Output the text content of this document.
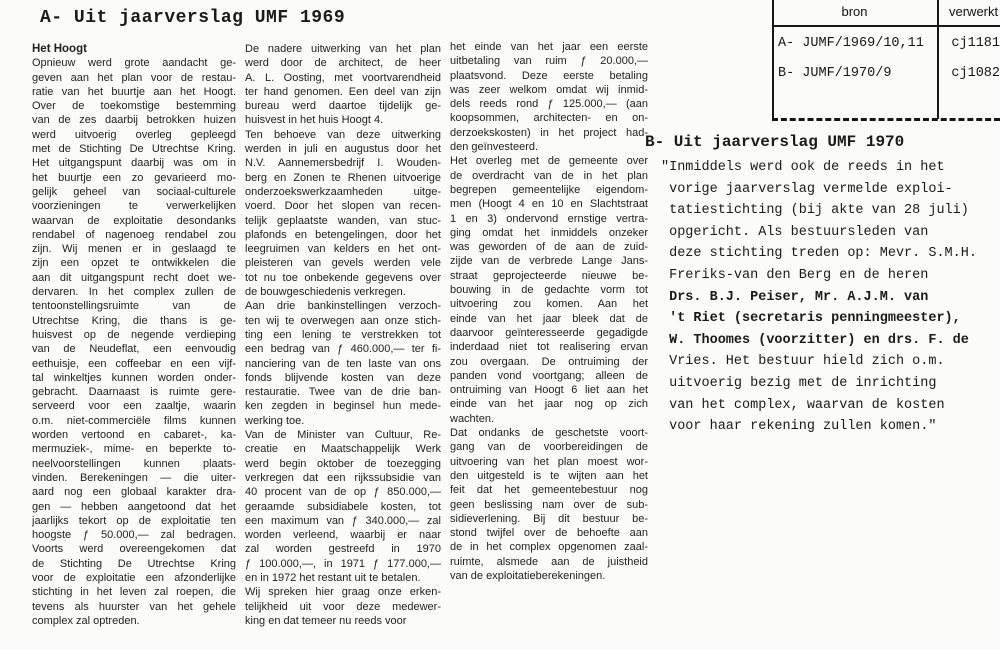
A- Uit jaarverslag UMF 1969
Het Hoogt
Opnieuw werd grote aandacht ge-
geven aan het plan voor de restau-
ratie van het buurtje aan het Hoogt.
Over de toekomstige bestemming
van de zes daarbij betrokken huizen
werd uitvoerig overleg gepleegd
met de Stichting De Utrechtse Kring.
Het uitgangspunt daarbij was om in
het buurtje een zo gevarieerd mo-
gelijk geheel van sociaal-culturele
voorzieningen te verwerkelijken
waarvan de exploitatie desondanks
rendabel of nagenoeg rendabel zou
zijn. Wij menen er in geslaagd te
zijn een opzet te ontwikkelen die
aan dit uitgangspunt recht doet we-
dervaren. In het complex zullen de
tentoonstellingsruimte van de
Utrechtse Kring, die thans is ge-
huisvest op de negende verdieping
van de Neudeflat, een eenvoudig
eethuisje, een coffeebar en een vijf-
tal winkeltjes kunnen worden onder-
gebracht. Daarnaast is ruimte gere-
serveerd voor een zaaltje, waarin
o.m. niet-commerciële films kunnen
worden vertoond en cabaret-, ka-
mermuziek-, mime- en beperkte to-
neelvoorstellingen kunnen plaats-
vinden. Berekeningen — die uiter-
aard nog een globaal karakter dra-
gen — hebben aangetoond dat het
jaarlijks tekort op de exploitatie ten
hoogste ƒ 50.000,— zal bedragen.
Voorts werd overeengekomen dat
de Stichting De Utrechtse Kring
voor de exploitatie een afzonderlijke
stichting in het leven zal roepen, die
tevens als huurster van het gehele
complex zal optreden.
De nadere uitwerking van het plan
werd door de architect, de heer
A. L. Oosting, met voortvarendheid
ter hand genomen. Een deel van zijn
bureau werd daartoe tijdelijk ge-
huisvest in het huis Hoogt 4.
Ten behoeve van deze uitwerking
werden in juli en augustus door het
N.V. Aannemersbedrijf I. Wouden-
berg en Zonen te Rhenen uitvoerige
onderzoekswerkzaamheden uitge-
voerd. Door het slopen van recen-
telijk geplaatste wanden, van stuc-
plafonds en betengelingen, door het
leegruimen van kelders en het ont-
pleisteren van gevels werden vele
tot nu toe onbekende gegevens over
de bouwgeschiedenis verkregen.
Aan drie bankinstellingen verzoch-
ten wij te overwegen aan onze stich-
ting een lening te verstrekken tot
een bedrag van ƒ 460.000,— ter fi-
nanciering van de ten laste van ons
fonds blijvende kosten van deze
restauratie. Twee van de drie ban-
ken zegden in beginsel hun mede-
werking toe.
Van de Minister van Cultuur, Re-
creatie en Maatschappelijk Werk
werd begin oktober de toezegging
verkregen dat een rijkssubsidie van
40 procent van de op ƒ 850.000,—
geraamde subsidiabele kosten, tot
een maximum van ƒ 340.000,— zal
worden verleend, waarbij er naar
zal worden gestreefd in 1970
ƒ 100.000,—, in 1971 ƒ 177.000,—
en in 1972 het restant uit te betalen.
Wij spreken hier graag onze erken-
telijkheid uit voor deze medewer-
king en dat temeer nu reeds voor
het einde van het jaar een eerste
uitbetaling van ruim ƒ 20.000,—
plaatsvond. Deze eerste betaling
was zeer welkom omdat wij inmid-
dels reeds rond ƒ 125.000,— (aan
koopsommen, architecten- en on-
derzoekskosten) in het project had-
den geïnvesteerd.
Het overleg met de gemeente over
de overdracht van de in het plan
begrepen gemeentelijke eigendom-
men (Hoogt 4 en 10 en Slachtstraat
1 en 3) ondervond ernstige vertra-
ging omdat het inmiddels onzeker
was geworden of de aan de zuid-
zijde van de verbrede Lange Jans-
straat geprojecteerde nieuwe be-
bouwing in de gedachte vorm tot
uitvoering zou komen. Aan het
einde van het jaar bleek dat de
daarvoor geïnteresseerde gegadigde
inderdaad niet tot realisering ervan
zou overgaan. De ontruiming der
panden vond voortgang; alleen de
ontruiming van Hoogt 6 liet aan het
einde van het jaar nog op zich
wachten.
Dat ondanks de geschetste voort-
gang van de voorbereidingen de
uitvoering van het plan moest wor-
den uitgesteld is te wijten aan het
feit dat het gemeentebestuur nog
geen beslissing nam over de sub-
sidieverlening. Bij dit bestuur be-
stond twijfel over de behoefte aan
de in het complex opgenomen zaal-
ruimte, alsmede aan de juistheid
van de exploitatieberekeningen.
bron	verwerkt
A- JUMF/1969/10,11	cj1181
B- JUMF/1970/9	cj1082
B- Uit jaarverslag UMF 1970
"Inmiddels werd ook de reeds in het
vorige jaarverslag vermelde exploi-
tatiestichting (bij akte van 28 juli)
opgericht. Als bestuursleden van
deze stichting treden op: Mevr. S.M.H.
Freriks-van den Berg en de heren
Drs. B.J. Peiser, Mr. A.J.M. van
't Riet (secretaris penningmeester),
W. Thoomes (voorzitter) en drs. F. de
Vries. Het bestuur hield zich o.m.
uitvoerig bezig met de inrichting
van het complex, waarvan de kosten
voor haar rekening zullen komen."
